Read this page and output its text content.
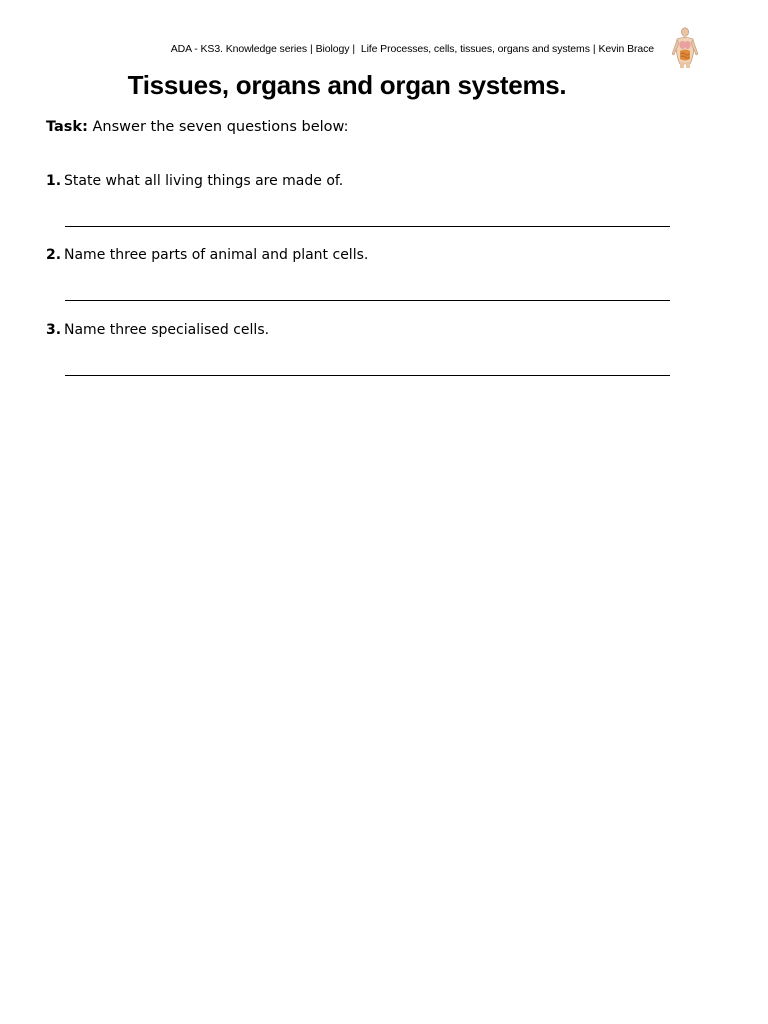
ADA - KS3. Knowledge series | Biology | Life Processes, cells, tissues, organs and systems | Kevin Brace
Tissues, organs and organ systems.
Task: Answer the seven questions below:
1. State what all living things are made of.
2. Name three parts of animal and plant cells.
3. Name three specialised cells.
